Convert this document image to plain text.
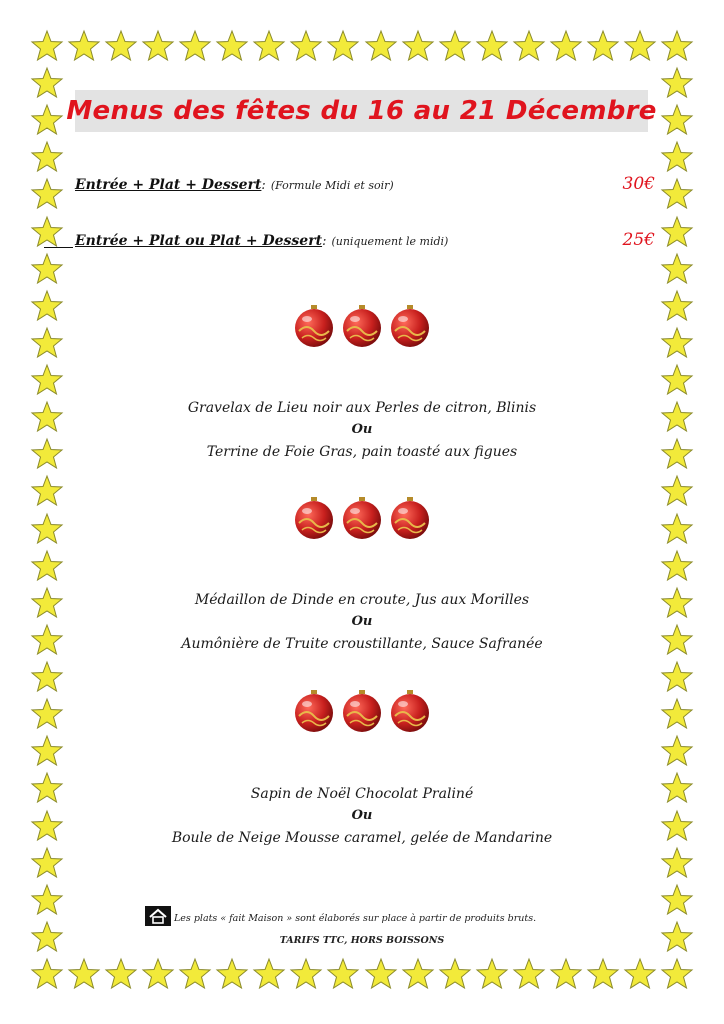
Menus des fêtes du 16 au 21 Décembre
Entrée + Plat + Dessert : (Formule Midi et soir)	30€
Entrée + Plat ou Plat + Dessert : (uniquement le midi)	25€
Gravelax de Lieu noir aux Perles de citron, Blinis
Ou
Terrine de Foie Gras, pain toasté aux figues
Médaillon de Dinde en croute, Jus aux Morilles
Ou
Aumônière de Truite croustillante, Sauce Safranée
Sapin de Noël Chocolat Praliné
Ou
Boule de Neige Mousse caramel, gelée de Mandarine
Les plats « fait Maison » sont élaborés sur place à partir de produits bruts.
TARIFS TTC, HORS BOISSONS
